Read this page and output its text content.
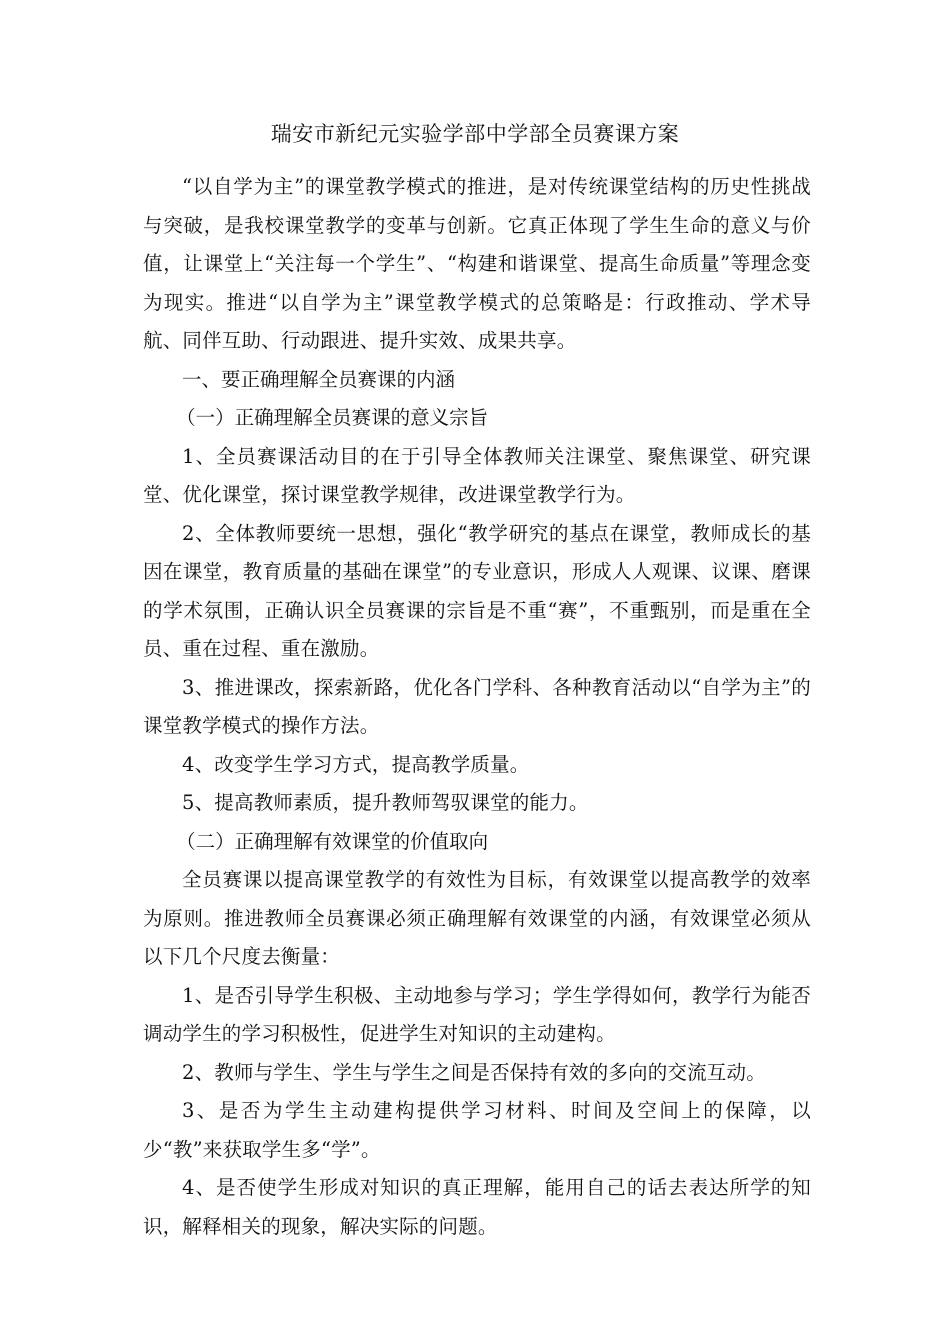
瑞安市新纪元实验学部中学部全员赛课方案

“以自学为主”的课堂教学模式的推进，是对传统课堂结构的历史性挑战与突破，是我校课堂教学的变革与创新。它真正体现了学生生命的意义与价值，让课堂上“关注每一个学生”、“构建和谐课堂、提高生命质量”等理念变为现实。推进“以自学为主”课堂教学模式的总策略是：行政推动、学术导航、同伴互助、行动跟进、提升实效、成果共享。

一、要正确理解全员赛课的内涵

（一）正确理解全员赛课的意义宗旨

1、全员赛课活动目的在于引导全体教师关注课堂、聚焦课堂、研究课堂、优化课堂，探讨课堂教学规律，改进课堂教学行为。

2、全体教师要统一思想，强化“教学研究的基点在课堂，教师成长的基因在课堂，教育质量的基础在课堂”的专业意识，形成人人观课、议课、磨课的学术氛围，正确认识全员赛课的宗旨是不重“赛”，不重甄别，而是重在全员、重在过程、重在激励。

3、推进课改，探索新路，优化各门学科、各种教育活动以“自学为主”的课堂教学模式的操作方法。

4、改变学生学习方式，提高教学质量。

5、提高教师素质，提升教师驾驭课堂的能力。

（二）正确理解有效课堂的价值取向

全员赛课以提高课堂教学的有效性为目标，有效课堂以提高教学的效率为原则。推进教师全员赛课必须正确理解有效课堂的内涵，有效课堂必须从以下几个尺度去衡量：

1、是否引导学生积极、主动地参与学习；学生学得如何，教学行为能否调动学生的学习积极性，促进学生对知识的主动建构。

2、教师与学生、学生与学生之间是否保持有效的多向的交流互动。

3、是否为学生主动建构提供学习材料、时间及空间上的保障，以少“教”来获取学生多“学”。

4、是否使学生形成对知识的真正理解，能用自己的话去表达所学的知识，解释相关的现象，解决实际的问题。
